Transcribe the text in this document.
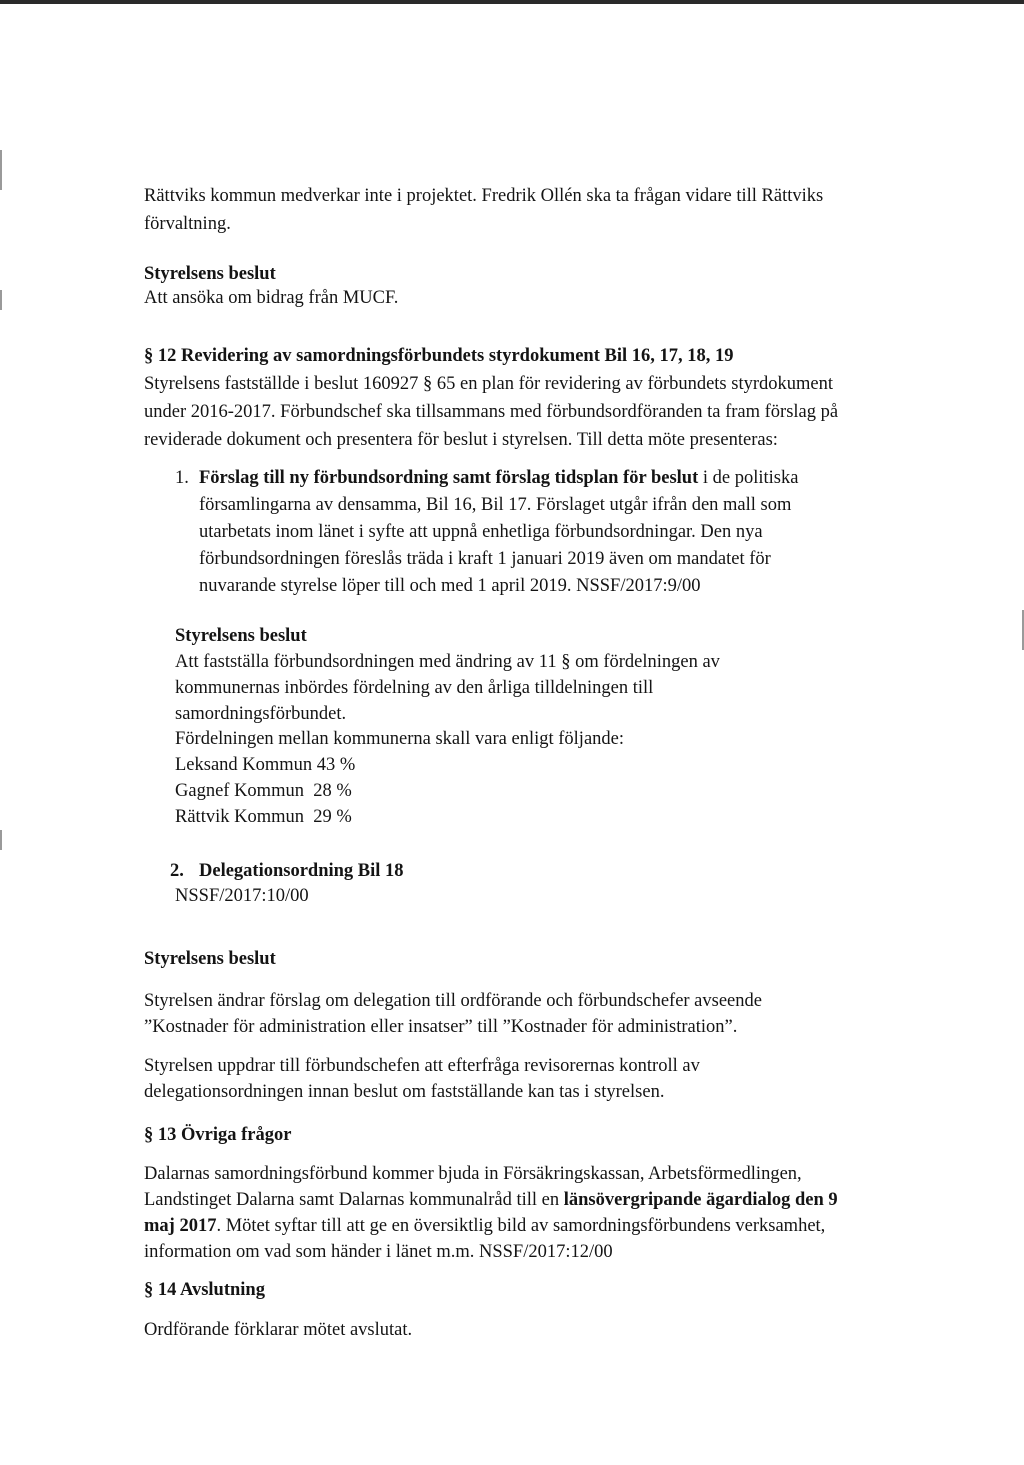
Rättviks kommun medverkar inte i projektet. Fredrik Ollén ska ta frågan vidare till Rättviks

förvaltning.

Styrelsens beslut

Att ansöka om bidrag från MUCF.

§ 12 Revidering av samordningsförbundets styrdokument Bil 16, 17, 18, 19

Styrelsens fastställde i beslut 160927 § 65 en plan för revidering av förbundets styrdokument

under 2016-2017. Förbundschef ska tillsammans med förbundsordföranden ta fram förslag på

reviderade dokument och presentera för beslut i styrelsen. Till detta möte presenteras:

1. Förslag till ny förbundsordning samt förslag tidsplan för beslut i de politiska

församlingarna av densamma, Bil 16, Bil 17. Förslaget utgår ifrån den mall som

utarbetats inom länet i syfte att uppnå enhetliga förbundsordningar. Den nya

förbundsordningen föreslås träda i kraft 1 januari 2019 även om mandatet för

nuvarande styrelse löper till och med 1 april 2019. NSSF/2017:9/00

Styrelsens beslut

Att fastställa förbundsordningen med ändring av 11 § om fördelningen av

kommunernas inbördes fördelning av den årliga tilldelningen till

samordningsförbundet.

Fördelningen mellan kommunerna skall vara enligt följande:

Leksand Kommun 43 %

Gagnef Kommun  28 %

Rättvik Kommun  29 %

2. Delegationsordning Bil 18

NSSF/2017:10/00

Styrelsens beslut

Styrelsen ändrar förslag om delegation till ordförande och förbundschefer avseende

”Kostnader för administration eller insatser” till ”Kostnader för administration”.

Styrelsen uppdrar till förbundschefen att efterfråga revisorernas kontroll av

delegationsordningen innan beslut om fastställande kan tas i styrelsen.

§ 13 Övriga frågor

Dalarnas samordningsförbund kommer bjuda in Försäkringskassan, Arbetsförmedlingen,

Landstinget Dalarna samt Dalarnas kommunalråd till en länsövergripande ägardialog den 9

maj 2017. Mötet syftar till att ge en översiktlig bild av samordningsförbundens verksamhet,

information om vad som händer i länet m.m. NSSF/2017:12/00

§ 14 Avslutning

Ordförande förklarar mötet avslutat.
